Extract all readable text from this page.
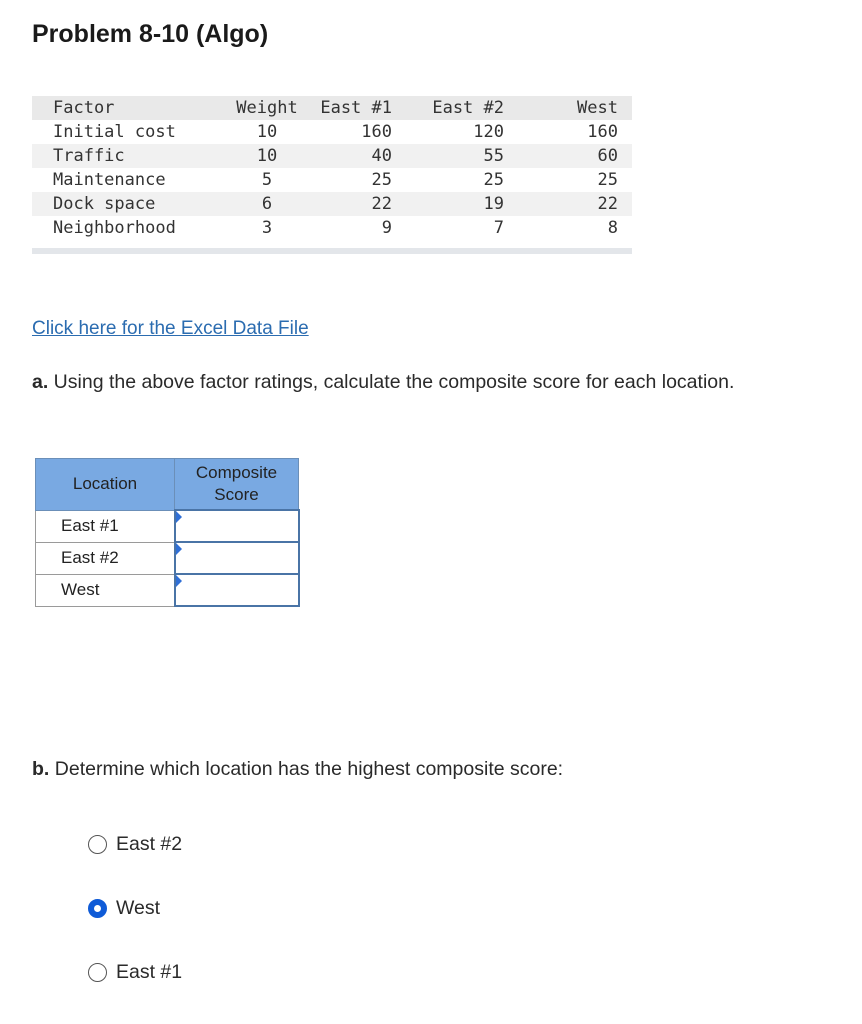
Problem 8-10 (Algo)
Factor	Weight	East #1	East #2	West
Initial cost	10	160	120	160
Traffic	10	40	55	60
Maintenance	5	25	25	25
Dock space	6	22	19	22
Neighborhood	3	9	7	8
Click here for the Excel Data File

a. Using the above factor ratings, calculate the composite score for each location.

Location	Composite
Score
East #1	

East #2	

West	

b. Determine which location has the highest composite score:

East #2
West
East #1
